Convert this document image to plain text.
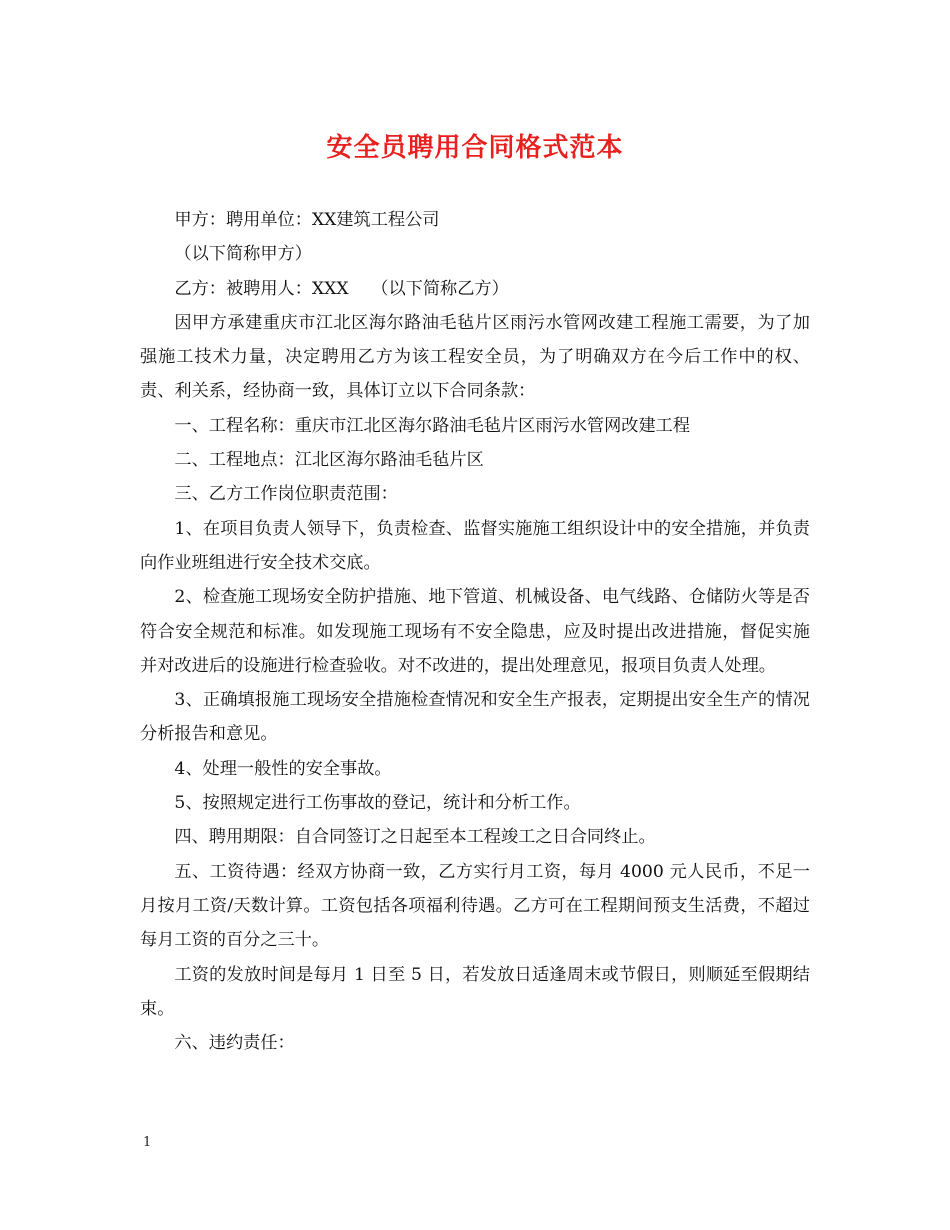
安全员聘用合同格式范本

甲方：聘用单位：XX建筑工程公司

（以下简称甲方）

乙方：被聘用人：XXX　 （以下简称乙方）

因甲方承建重庆市江北区海尔路油毛毡片区雨污水管网改建工程施工需要，为了加强施工技术力量，决定聘用乙方为该工程安全员，为了明确双方在今后工作中的权、责、利关系，经协商一致，具体订立以下合同条款：

一、工程名称：重庆市江北区海尔路油毛毡片区雨污水管网改建工程

二、工程地点：江北区海尔路油毛毡片区

三、乙方工作岗位职责范围：

1、在项目负责人领导下，负责检查、监督实施施工组织设计中的安全措施，并负责向作业班组进行安全技术交底。

2、检查施工现场安全防护措施、地下管道、机械设备、电气线路、仓储防火等是否符合安全规范和标准。如发现施工现场有不安全隐患，应及时提出改进措施，督促实施并对改进后的设施进行检查验收。对不改进的，提出处理意见，报项目负责人处理。

3、正确填报施工现场安全措施检查情况和安全生产报表，定期提出安全生产的情况分析报告和意见。

4、处理一般性的安全事故。

5、按照规定进行工伤事故的登记，统计和分析工作。

四、聘用期限：自合同签订之日起至本工程竣工之日合同终止。

五、工资待遇：经双方协商一致，乙方实行月工资，每月 4000 元人民币，不足一月按月工资/天数计算。工资包括各项福利待遇。乙方可在工程期间预支生活费，不超过每月工资的百分之三十。

工资的发放时间是每月 1 日至 5 日，若发放日适逢周末或节假日，则顺延至假期结束。

六、违约责任：

1
